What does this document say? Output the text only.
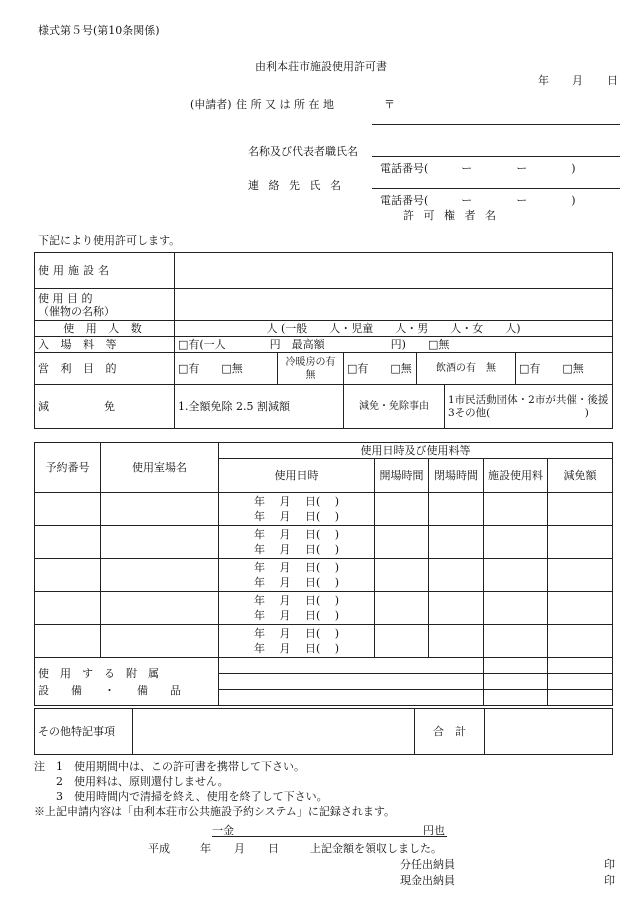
様式第５号(第10条関係)
由利本荘市施設使用許可書
年 月 日
(申請者) 住 所 又 は 所 在 地	〒
名称及び代表者職氏名
電話番号(　　　ー　　　　ー　　　　)
連 絡 先 氏 名
電話番号(　　　ー　　　　ー　　　　)
許 可 権 者 名
下記により使用許可します。
使用施設名						

使 用 目 的
（催物の名称）						

使 用 人 数	人 (一般　　人・児童　　人・男　　人・女　　人)					
入 場 料 等	□有(一人　　　　円　最高額　　　　　　円)　　□無					
営 利 目 的	□有　　□無	冷暖房の有　無	□有　　□無	飲酒の有　無		□有　　□無
減　　　　　免	1.全額免除 2.5 割減額		減免・免除事由		1市民活動団体・2市が共催・後援
3その他(　　　　　　　　　)	
予約番号	使用室場名	使用日時及び使用料等				
		使用日時	開場時間	閉場時間	施設使用料	減免額

		年　 月　 日(　 )
年　 月　 日(　 )				

		年　 月　 日(　 )
年　 月　 日(　 )				

		年　 月　 日(　 )
年　 月　 日(　 )				

		年　 月　 日(　 )
年　 月　 日(　 )				

		年　 月　 日(　 )
年　 月　 日(　 )				

使　用　す　る　附　属
設　　備　　・　　備　　品						

その他特記事項		合　計	
注　1　使用期間中は、この許可書を携帯して下さい。
　　2　使用料は、原則還付しません。
　　3　使用時間内で清掃を終え、使用を終了して下さい。
※上記申請内容は「由利本荘市公共施設予約システム」に記録されます。
一金	円也
平成	年 月 日	上記金額を領収しました。
分任出納員	印
現金出納員	印
